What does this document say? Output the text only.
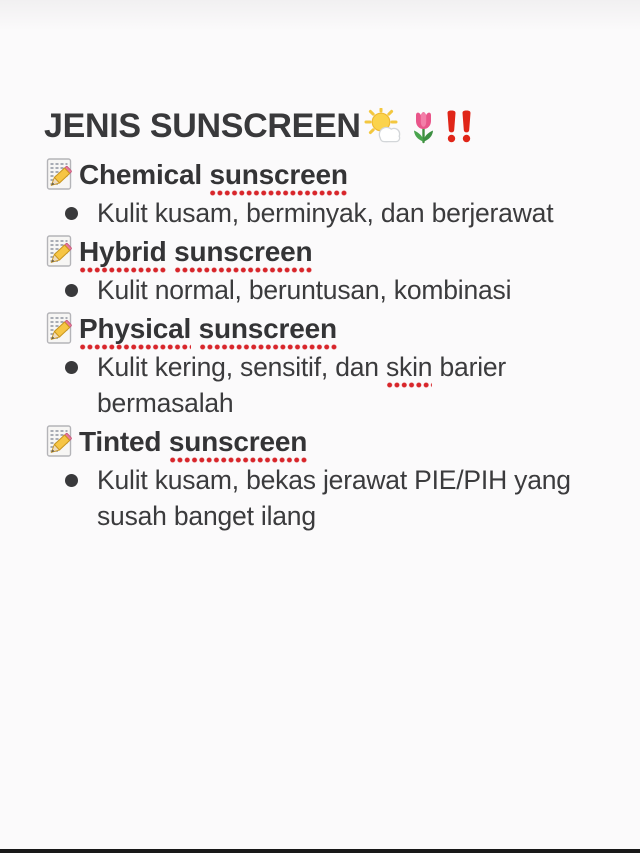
JENIS SUNSCREEN
Chemical sunscreen
Kulit kusam, berminyak, dan berjerawat
Hybrid sunscreen
Kulit normal, beruntusan, kombinasi
Physical sunscreen
Kulit kering, sensitif, dan skin barier
bermasalah
Tinted sunscreen
Kulit kusam, bekas jerawat PIE/PIH yang
susah banget ilang
